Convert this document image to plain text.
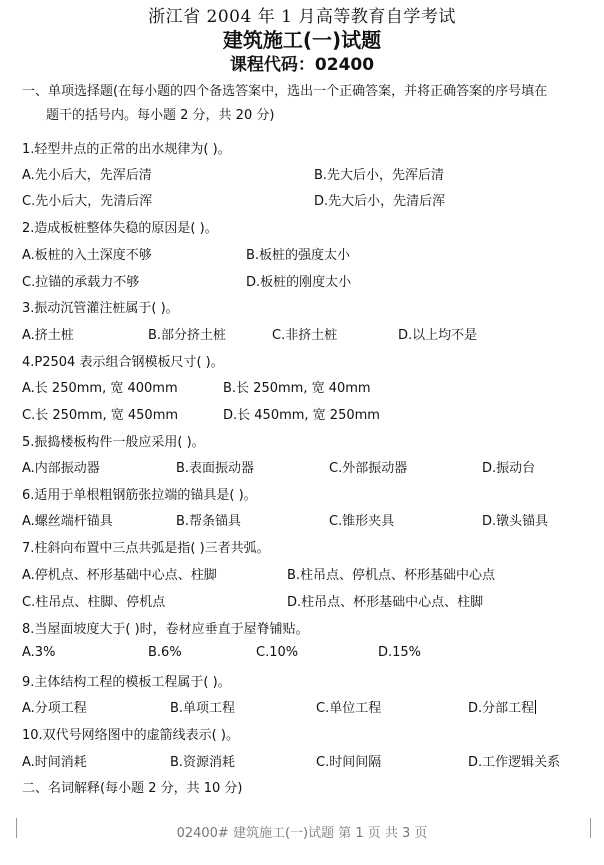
浙江省 2004 年 1 月高等教育自学考试
建筑施工(一)试题
课程代码：02400
一、单项选择题(在每小题的四个备选答案中，选出一个正确答案，并将正确答案的序号填在
题干的括号内。每小题 2 分，共 20 分)
1.轻型井点的正常的出水规律为( )。
A.先小后大，先浑后清	B.先大后小，先浑后清
C.先小后大，先清后浑	D.先大后小，先清后浑
2.造成板桩整体失稳的原因是( )。
A.板桩的入土深度不够	B.板桩的强度太小
C.拉锚的承载力不够	D.板桩的刚度太小
3.振动沉管灌注桩属于( )。
A.挤土桩	B.部分挤土桩	C.非挤土桩	D.以上均不是
4.P2504 表示组合钢模板尺寸( )。
A.长 250mm, 宽 400mm	B.长 250mm, 宽 40mm
C.长 250mm, 宽 450mm	D.长 450mm, 宽 250mm
5.振捣楼板构件一般应采用( )。
A.内部振动器	B.表面振动器	C.外部振动器	D.振动台
6.适用于单根粗钢筋张拉端的锚具是( )。
A.螺丝端杆锚具	B.帮条锚具	C.锥形夹具	D.镦头锚具
7.柱斜向布置中三点共弧是指( )三者共弧。
A.停机点、杯形基础中心点、柱脚	B.柱吊点、停机点、杯形基础中心点
C.柱吊点、柱脚、停机点	D.柱吊点、杯形基础中心点、柱脚
8.当屋面坡度大于( )时，卷材应垂直于屋脊铺贴。
A.3%	B.6%	C.10%	D.15%
9.主体结构工程的模板工程属于( )。
A.分项工程	B.单项工程	C.单位工程	D.分部工程
10.双代号网络图中的虚箭线表示( )。
A.时间消耗	B.资源消耗	C.时间间隔	D.工作逻辑关系
二、名词解释(每小题 2 分，共 10 分)
02400# 建筑施工(一)试题 第 1 页 共 3 页
